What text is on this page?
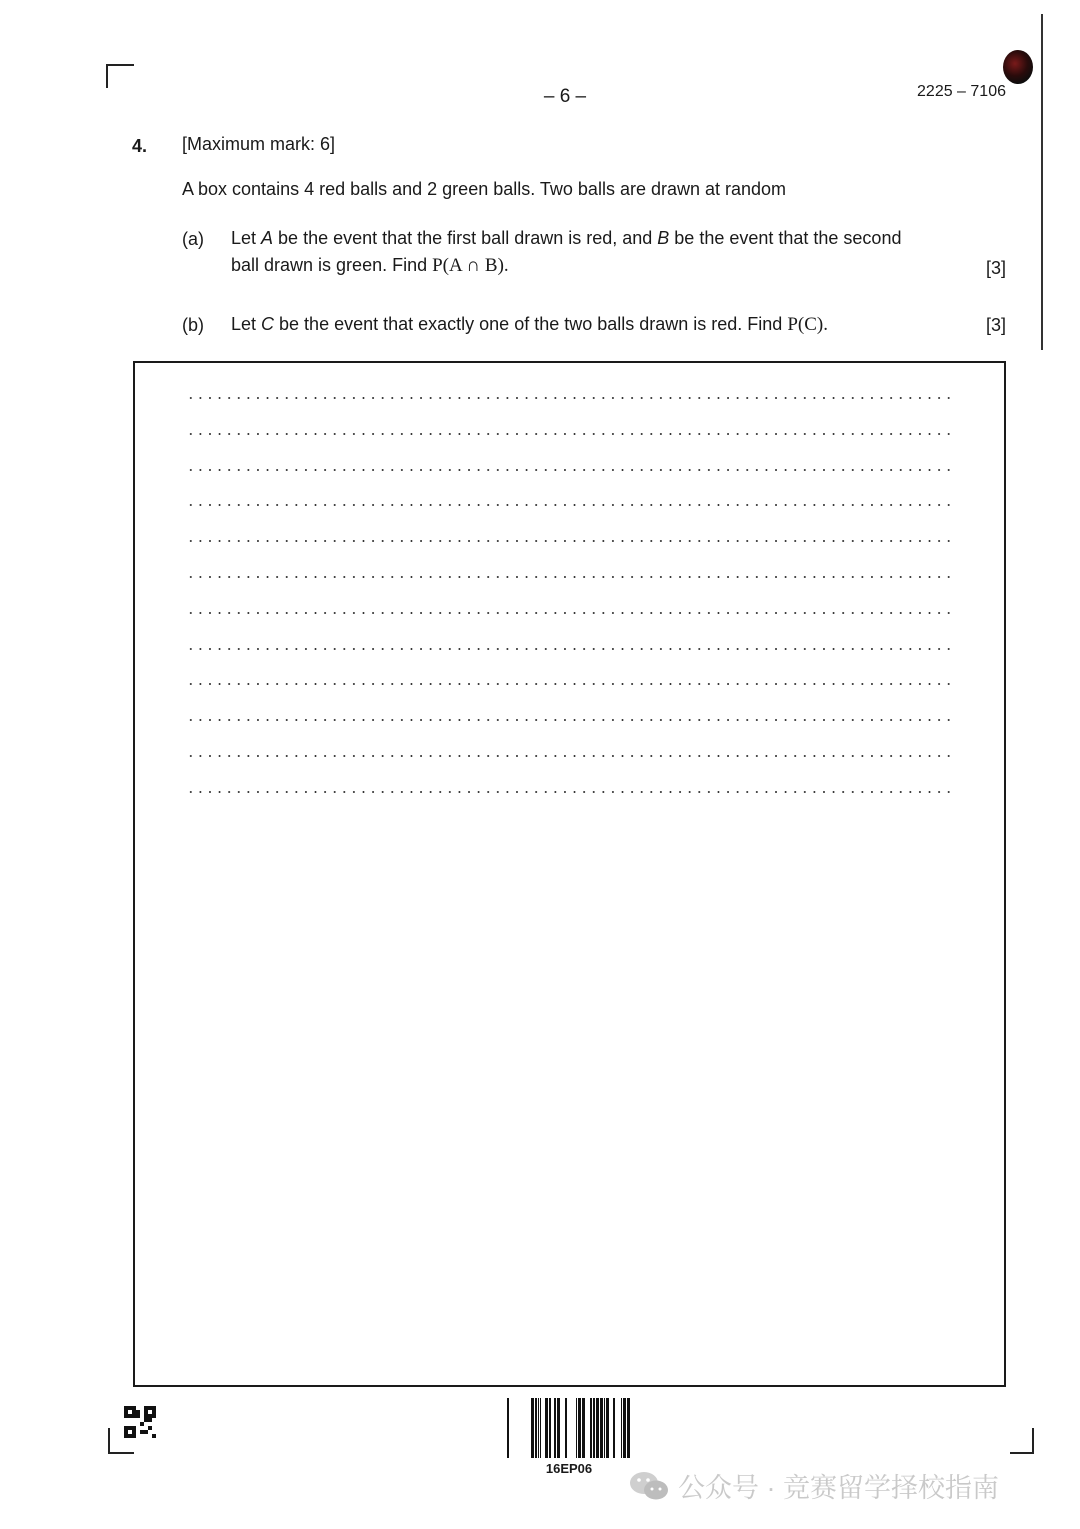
– 6 –	2225 – 7106
4. [Maximum mark: 6]
A box contains 4 red balls and 2 green balls. Two balls are drawn at random
(a) Let A be the event that the first ball drawn is red, and B be the event that the second
ball drawn is green. Find P(A ∩ B).	[3]
(b) Let C be the event that exactly one of the two balls drawn is red. Find P(C).	[3]
16EP06
公众号 · 竞赛留学择校指南
